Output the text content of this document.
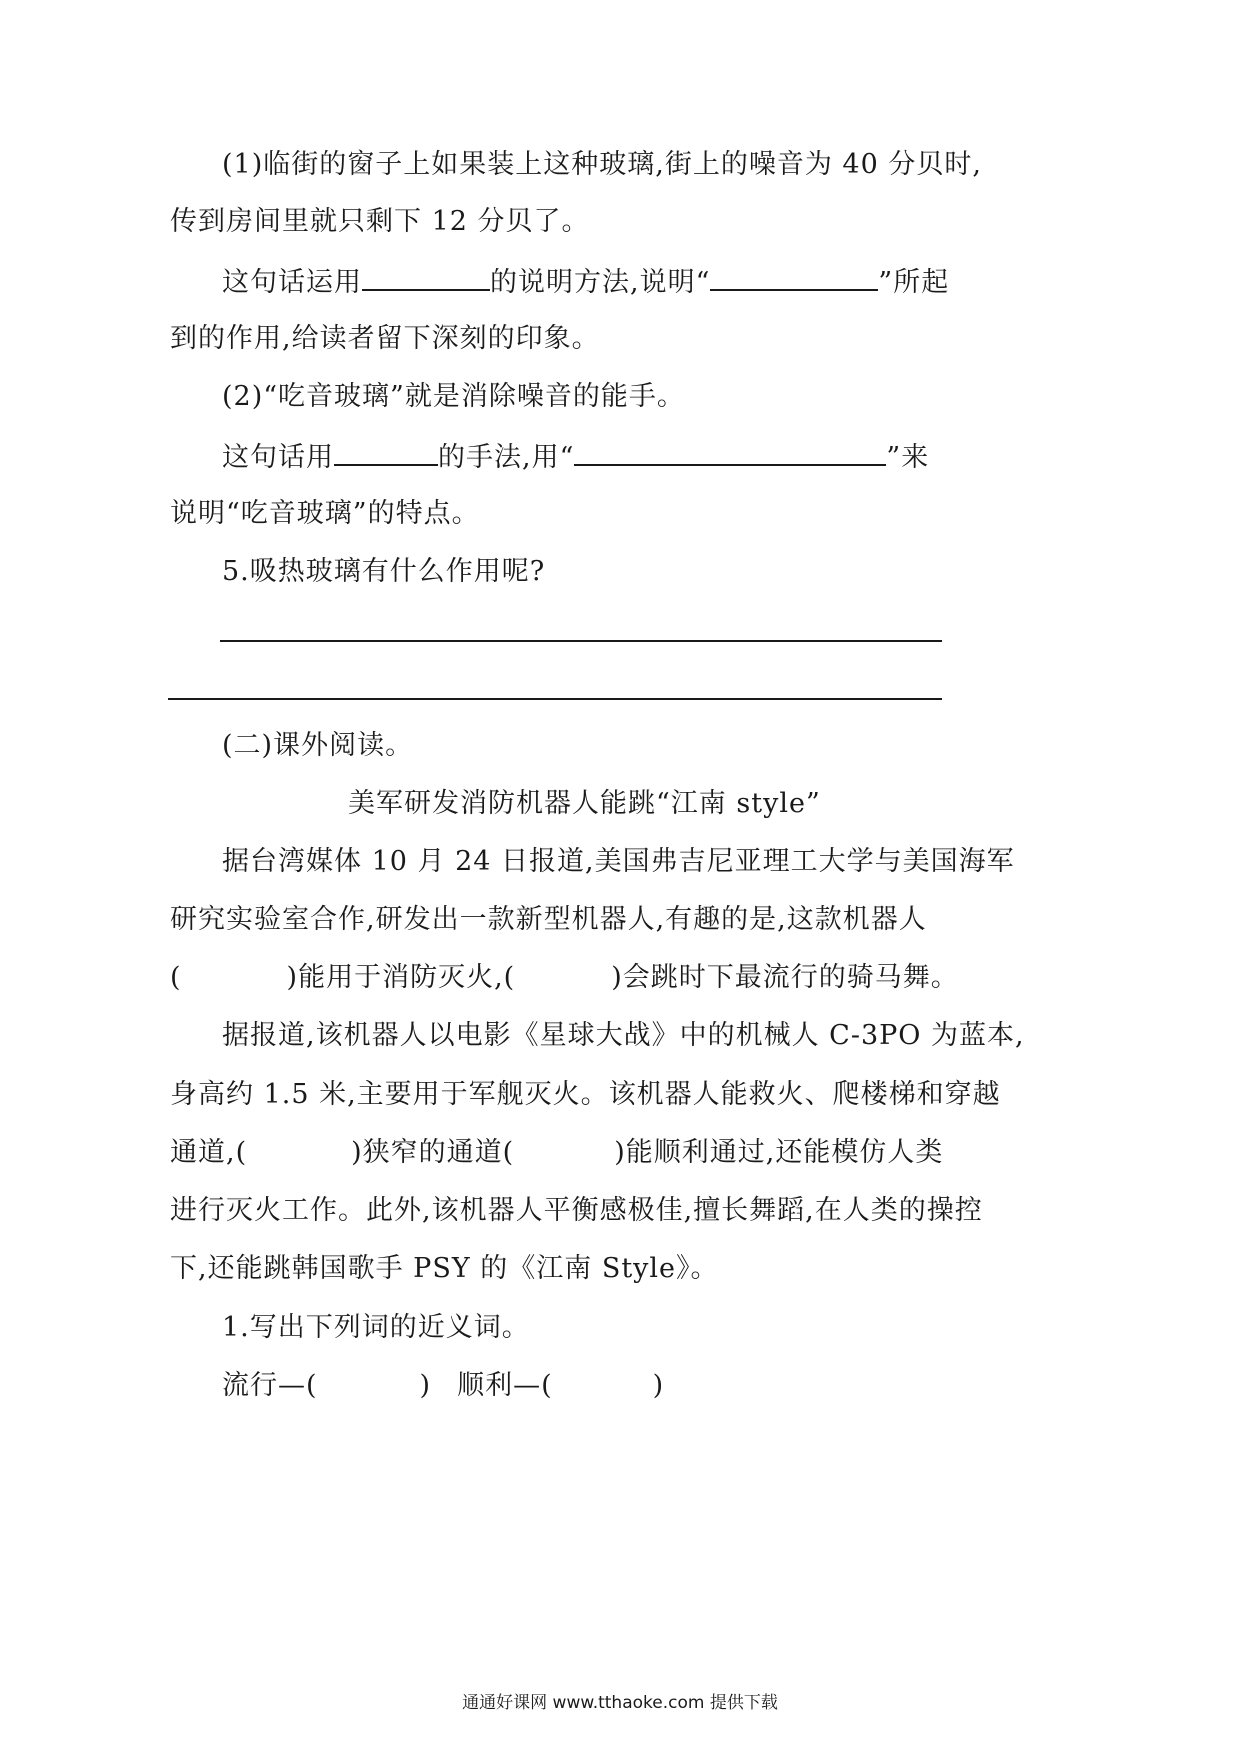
(1)临街的窗子上如果装上这种玻璃,街上的噪音为 40 分贝时,
传到房间里就只剩下 12 分贝了。
这句话运用	的说明方法,说明“	”所起
到的作用,给读者留下深刻的印象。
(2)“吃音玻璃”就是消除噪音的能手。
这句话用	的手法,用“	”来
说明“吃音玻璃”的特点。
5.吸热玻璃有什么作用呢?
(二)课外阅读。
美军研发消防机器人能跳“江南 style”
据台湾媒体 10 月 24 日报道,美国弗吉尼亚理工大学与美国海军
研究实验室合作,研发出一款新型机器人,有趣的是,这款机器人
(	)能用于消防灭火,(	)会跳时下最流行的骑马舞。
据报道,该机器人以电影《星球大战》中的机械人 C-3PO 为蓝本,
身高约 1.5 米,主要用于军舰灭火。该机器人能救火、爬楼梯和穿越
通道,(	)狭窄的通道(	)能顺利通过,还能模仿人类
进行灭火工作。此外,该机器人平衡感极佳,擅长舞蹈,在人类的操控
下,还能跳韩国歌手 PSY 的《江南 Style》。
1.写出下列词的近义词。
流行—(	) 顺利—(	)
通通好课网 www.tthaoke.com 提供下载
